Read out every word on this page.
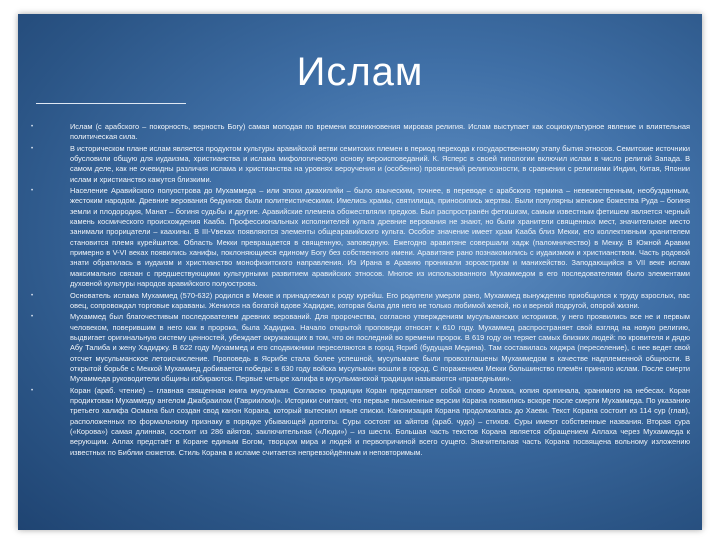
Ислам
•	Ислам (с арабского – покорность, верность Богу) самая молодая по времени возникновения мировая религия. Ислам выступает как социокультурное явление и влиятельная политическая сила.
•	В историческом плане ислам является продуктом культуры аравийской ветви семитских племен в период перехода к государственному этапу бытия этносов. Семитские источники обусловили общую для иудаизма, христианства и ислама мифологическую основу вероисповеданий. К. Ясперс в своей типологии включил ислам в число религий Запада. В самом деле, как не очевидны различия ислама и христианства на уровнях вероучения и (особенно) проявлений религиозности, в сравнении с религиями Индии, Китая, Японии ислам и христианство кажутся близкими.
•	Население Аравийского полуострова до Мухаммеда – или эпохи джахилийи – было языческим, точнее, в переводе с арабского термина – невежественным, необузданным, жестоким народом. Древние верования бедуинов были политеистическими. Имелись храмы, святилища, приносились жертвы. Были популярны женские божества Руда – богиня земли и плодородия, Манат – богиня судьбы и другие. Аравийские племена обожествляли предков. Был распространён фетишизм, самым известным фетишем является черный камень космического происхождения Кааба. Профессиональных исполнителей культа древние верования не знают, но были хранители священных мест, значительное место занимали прорицатели – каахины. В III-Vвеках появляются элементы общеаравийского культа. Особое значение имеет храм Кааба близ Мекки, его коллективным хранителем становится племя курейшитов. Область Мекки превращается в священную, заповедную. Ежегодно аравитяне совершали хадж (паломничество) в Мекку. В Южной Аравии примерно в V-VI веках появились ханифы, поклоняющиеся единому Богу без собственного имени. Аравитяне рано познакомились с иудаизмом и христианством. Часть родовой знати обратилась в иудаизм и христианство монофизитского направления. Из Ирана в Аравию проникали зороастризм и манихейство. Заподающийся в VII веке ислам максимально связан с предшествующими культурными развитием аравийских этносов. Многое из использованного Мухаммедом в его последователями было элементами духовной культуры народов аравийского полуострова.
•	Основатель ислама Мухаммед (570-632) родился в Мекке и принадлежал к роду курейш. Его родители умерли рано, Мухаммед вынужденно приобщился к труду взрослых, пас овец, сопровождал торговые караваны. Женился на богатой вдове Хадидже, которая была для него не только любимой женой, но и верной подругой, опорой жизни.
•	Мухаммед был благочестивым последователем древних верований. Для пророчества, согласно утверждениям мусульманских историков, у него проявились все не и первым человеком, поверившим в него как в пророка, была Хадиджа. Начало открытой проповеди относят к 610 году. Мухаммед распространяет свой взгляд на новую религию, выдвигает оригинальную систему ценностей, убеждает окружающих в том, что он последний во времени пророк. В 619 году он теряет самых близких людей: по кровителя и дядю Абу Талиба и жену Хадиджу. В 622 году Мухаммед и его сподвижники переселяются в город Ясриб (будущая Медина). Там составилась хиджра (переселение), с нее ведет свой отсчет мусульманское летоисчисление. Проповедь в Ясрибе стала более успешной, мусульмане были провозглашены Мухаммедом в качестве надплеменной общности. В открытой борьбе с Меккой Мухаммед добивается победы: в 630 году войска мусульман вошли в город. С поражением Мекки большинство племён приняло ислам. После смерти Мухаммеда руководители общины избираются. Первые четыре халифа в мусульманской традиции называются «праведными».
•	Коран (араб. чтение) – главная священная книга мусульман. Согласно традиции Коран представляет собой слово Аллаха, копия оригинала, хранимого на небесах. Коран продиктован Мухаммеду ангелом Джабраилом (Гавриилом)». Историки считают, что первые письменные версии Корана появились вскоре после смерти Мухаммеда. По указанию третьего халифа Османа был создан свод канон Корана, который вытеснил иные списки. Канонизация Корана продолжалась до Хаеви. Текст Корана состоит из 114 сур (глав), расположенных по формальному признаку в порядке убывающей долготы. Суры состоят из айятов (араб. чудо) – стихов. Суры имеют собственные названия. Вторая сура («Корова») самая длинная, состоит из 286 айятов, заключительная («Люди») – из шести. Большая часть текстов Корана является обращением Аллаха через Мухаммеда к верующим. Аллах предстаёт в Коране единым Богом, творцом мира и людей и первопричиной всего сущего. Значительная часть Корана посвящена вольному изложению известных по Библии сюжетов. Стиль Корана в исламе считается непревзойдённым и неповторимым.
